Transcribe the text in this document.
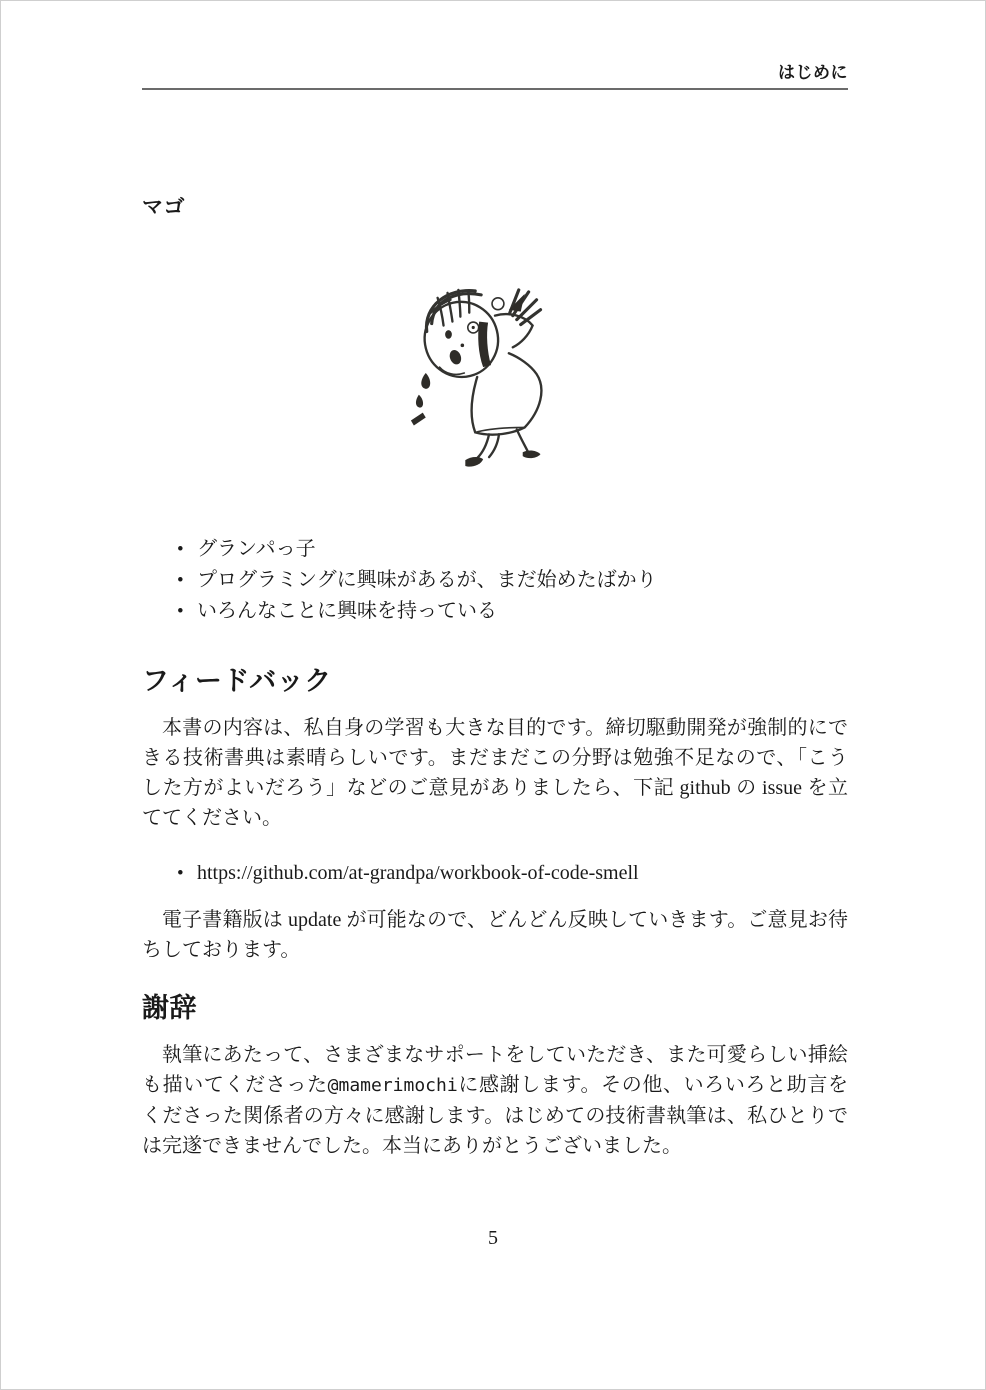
はじめに
マゴ
• グランパっ子
• プログラミングに興味があるが、まだ始めたばかり
• いろんなことに興味を持っている
フィードバック

本書の内容は、私自身の学習も大きな目的です。締切駆動開発が強制的にできる技術書典は素晴らしいです。まだまだこの分野は勉強不足なので、「こうした方がよいだろう」などのご意見がありましたら、下記 github の issue を立ててください。

• https://github.com/at-grandpa/workbook-of-code-smell

電子書籍版は update が可能なので、どんどん反映していきます。ご意見お待ちしております。

謝辞

執筆にあたって、さまざまなサポートをしていただき、また可愛らしい挿絵も描いてくださった@mamerimochiに感謝します。その他、いろいろと助言をくださった関係者の方々に感謝します。はじめての技術書執筆は、私ひとりでは完遂できませんでした。本当にありがとうございました。

5
